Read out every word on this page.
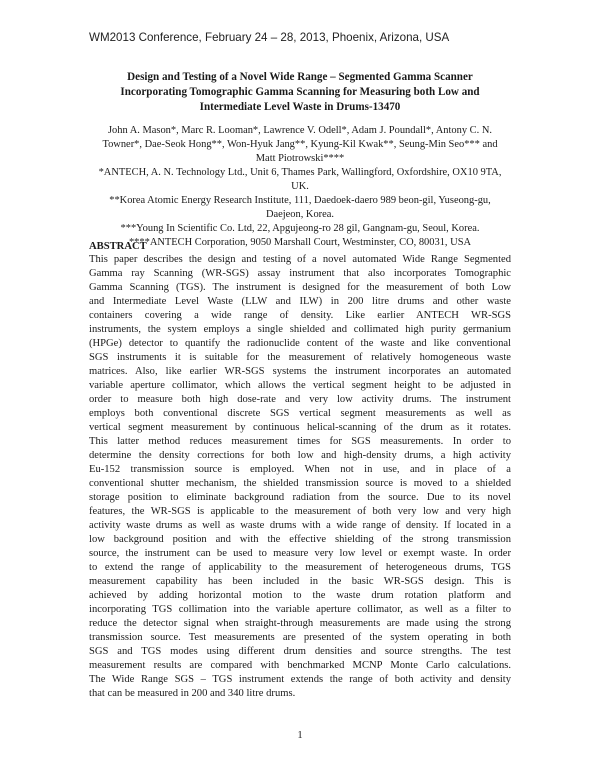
WM2013 Conference, February 24 – 28, 2013, Phoenix, Arizona, USA
Design and Testing of a Novel Wide Range – Segmented Gamma Scanner
Incorporating Tomographic Gamma Scanning for Measuring both Low and
Intermediate Level Waste in Drums-13470
John A. Mason*, Marc R. Looman*, Lawrence V. Odell*, Adam J. Poundall*, Antony C. N.
Towner*, Dae-Seok Hong**, Won-Hyuk Jang**, Kyung-Kil Kwak**, Seung-Min Seo*** and
Matt Piotrowski****
*ANTECH, A. N. Technology Ltd., Unit 6, Thames Park, Wallingford, Oxfordshire, OX10 9TA,
UK.
**Korea Atomic Energy Research Institute, 111, Daedoek-daero 989 beon-gil, Yuseong-gu,
Daejeon, Korea.
***Young In Scientific Co. Ltd, 22, Apgujeong-ro 28 gil, Gangnam-gu, Seoul, Korea.
****ANTECH Corporation, 9050 Marshall Court, Westminster, CO, 80031, USA
ABSTRACT
This paper describes the design and testing of a novel automated Wide Range Segmented
Gamma ray Scanning (WR-SGS) assay instrument that also incorporates Tomographic
Gamma Scanning (TGS). The instrument is designed for the measurement of both Low
and Intermediate Level Waste (LLW and ILW) in 200 litre drums and other waste
containers covering a wide range of density. Like earlier ANTECH WR-SGS
instruments, the system employs a single shielded and collimated high purity germanium
(HPGe) detector to quantify the radionuclide content of the waste and like conventional
SGS instruments it is suitable for the measurement of relatively homogeneous waste
matrices. Also, like earlier WR-SGS systems the instrument incorporates an automated
variable aperture collimator, which allows the vertical segment height to be adjusted in
order to measure both high dose-rate and very low activity drums. The instrument
employs both conventional discrete SGS vertical segment measurements as well as
vertical segment measurement by continuous helical-scanning of the drum as it rotates.
This latter method reduces measurement times for SGS measurements. In order to
determine the density corrections for both low and high-density drums, a high activity
Eu-152 transmission source is employed. When not in use, and in place of a
conventional shutter mechanism, the shielded transmission source is moved to a shielded
storage position to eliminate background radiation from the source. Due to its novel
features, the WR-SGS is applicable to the measurement of both very low and very high
activity waste drums as well as waste drums with a wide range of density. If located in a
low background position and with the effective shielding of the strong transmission
source, the instrument can be used to measure very low level or exempt waste. In order
to extend the range of applicability to the measurement of heterogeneous drums, TGS
measurement capability has been included in the basic WR-SGS design. This is
achieved by adding horizontal motion to the waste drum rotation platform and
incorporating TGS collimation into the variable aperture collimator, as well as a filter to
reduce the detector signal when straight-through measurements are made using the strong
transmission source. Test measurements are presented of the system operating in both
SGS and TGS modes using different drum densities and source strengths. The test
measurement results are compared with benchmarked MCNP Monte Carlo calculations.
The Wide Range SGS – TGS instrument extends the range of both activity and density
that can be measured in 200 and 340 litre drums.
1
